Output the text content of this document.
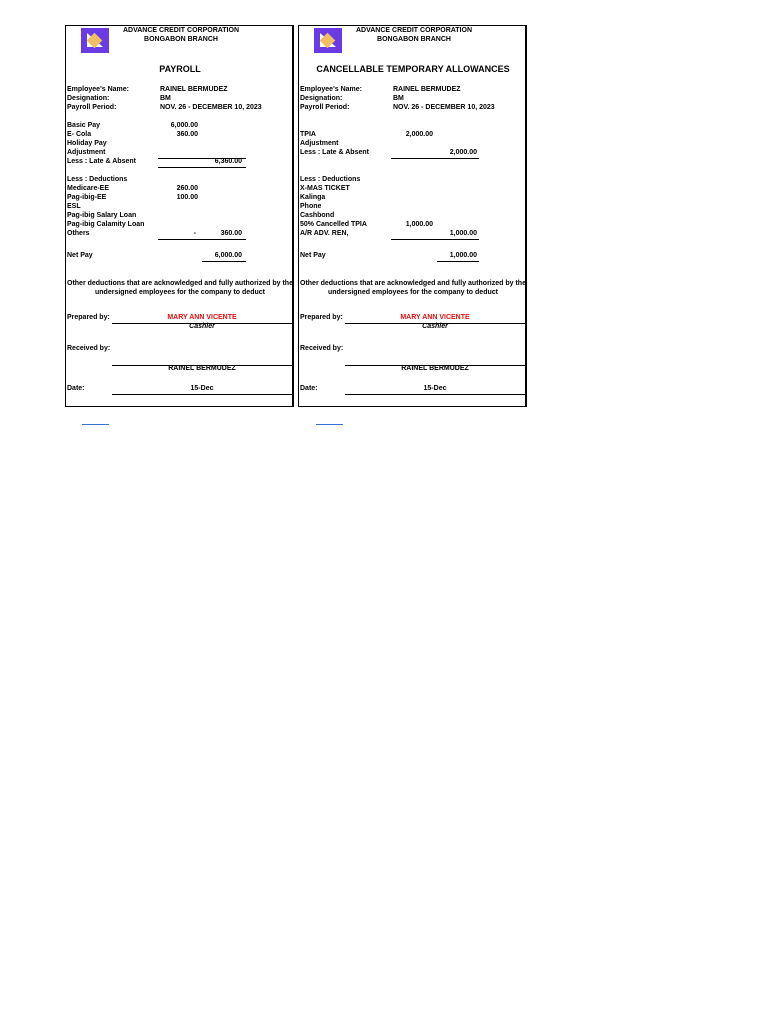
ADVANCE CREDIT CORPORATION
BONGABON BRANCH
PAYROLL
Employee's Name:	RAINEL BERMUDEZ
Designation:	BM
Payroll Period:	NOV. 26 - DECEMBER 10, 2023
Basic Pay	6,000.00
E- Cola	360.00
Holiday Pay
Adjustment
Less : Late & Absent	6,360.00
Less : Deductions
Medicare-EE	260.00
Pag-ibig-EE	100.00
ESL
Pag-ibig Salary Loan
Pag-ibig Calamity Loan
Others	-	360.00
Net Pay	6,000.00
Other deductions that are acknowledged and fully authorized by the undersigned employees for the company to deduct
Prepared by:	MARY ANN VICENTE
Cashier
Received by:
RAINEL BERMUDEZ
Date:	15-Dec
ADVANCE CREDIT CORPORATION
BONGABON BRANCH
CANCELLABLE TEMPORARY ALLOWANCES
Employee's Name:	RAINEL BERMUDEZ
Designation:	BM
Payroll Period:	NOV. 26 - DECEMBER 10, 2023
TPIA	2,000.00
Adjustment
Less : Late & Absent	2,000.00
Less : Deductions
X-MAS TICKET
Kalinga
Phone
Cashbond
50% Cancelled TPIA	1,000.00
A/R ADV. REN,	1,000.00
Net Pay	1,000.00
Other deductions that are acknowledged and fully authorized by the undersigned employees for the company to deduct
Prepared by:	MARY ANN VICENTE
Cashier
Received by:
RAINEL BERMUDEZ
Date:	15-Dec
